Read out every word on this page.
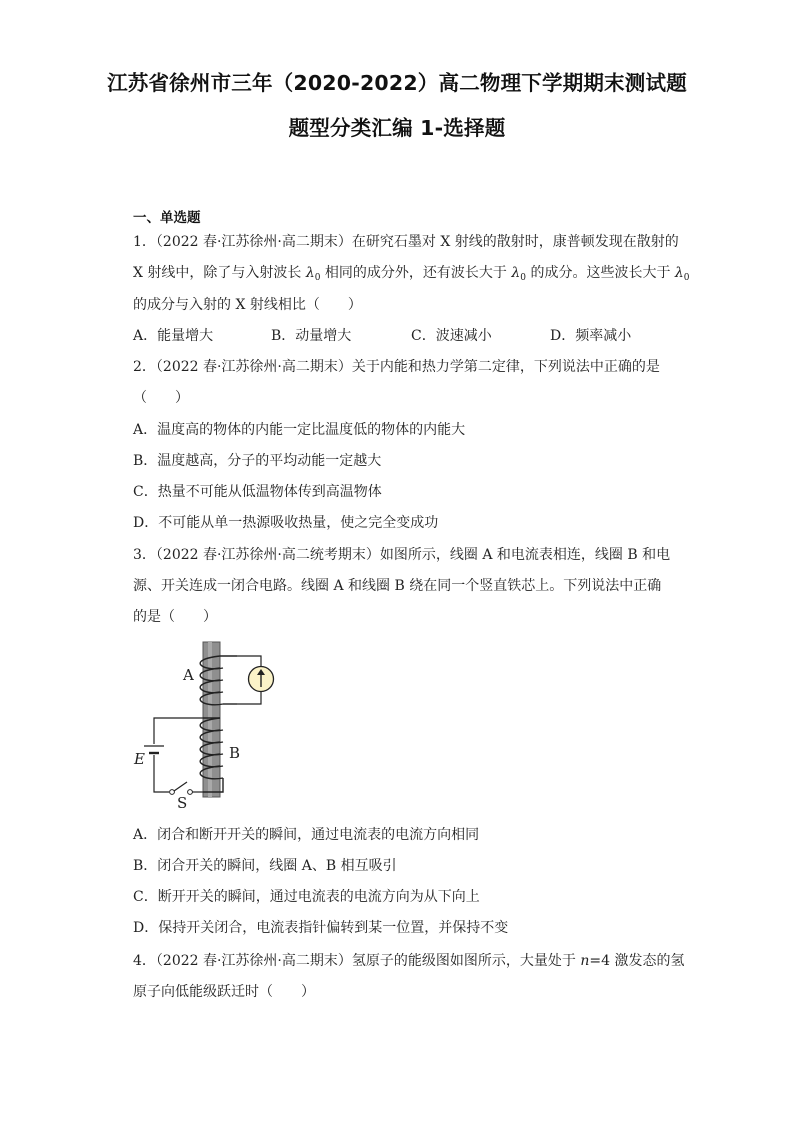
江苏省徐州市三年（2020-2022）高二物理下学期期末测试题
题型分类汇编 1-选择题
一、单选题
1．（2022 春·江苏徐州·高二期末）在研究石墨对 X 射线的散射时，康普顿发现在散射的
X 射线中，除了与入射波长 $\lambda_0$ 相同的成分外，还有波长大于 $\lambda_0$ 的成分。这些波长大于 $\lambda_0$
的成分与入射的 X 射线相比（　　）
A．能量增大	B．动量增大	C．波速减小	D．频率减小
2．（2022 春·江苏徐州·高二期末）关于内能和热力学第二定律，下列说法中正确的是
（　　）
A．温度高的物体的内能一定比温度低的物体的内能大
B．温度越高，分子的平均动能一定越大
C．热量不可能从低温物体传到高温物体
D．不可能从单一热源吸收热量，使之完全变成功
3．（2022 春·江苏徐州·高二统考期末）如图所示，线圈 A 和电流表相连，线圈 B 和电
源、开关连成一闭合电路。线圈 A 和线圈 B 绕在同一个竖直铁芯上。下列说法中正确
的是（　　）
A
B
E
S
A．闭合和断开开关的瞬间，通过电流表的电流方向相同
B．闭合开关的瞬间，线圈 A、B 相互吸引
C．断开开关的瞬间，通过电流表的电流方向为从下向上
D．保持开关闭合，电流表指针偏转到某一位置，并保持不变
4．（2022 春·江苏徐州·高二期末）氢原子的能级图如图所示，大量处于 n=4 激发态的氢
原子向低能级跃迁时（　　）
